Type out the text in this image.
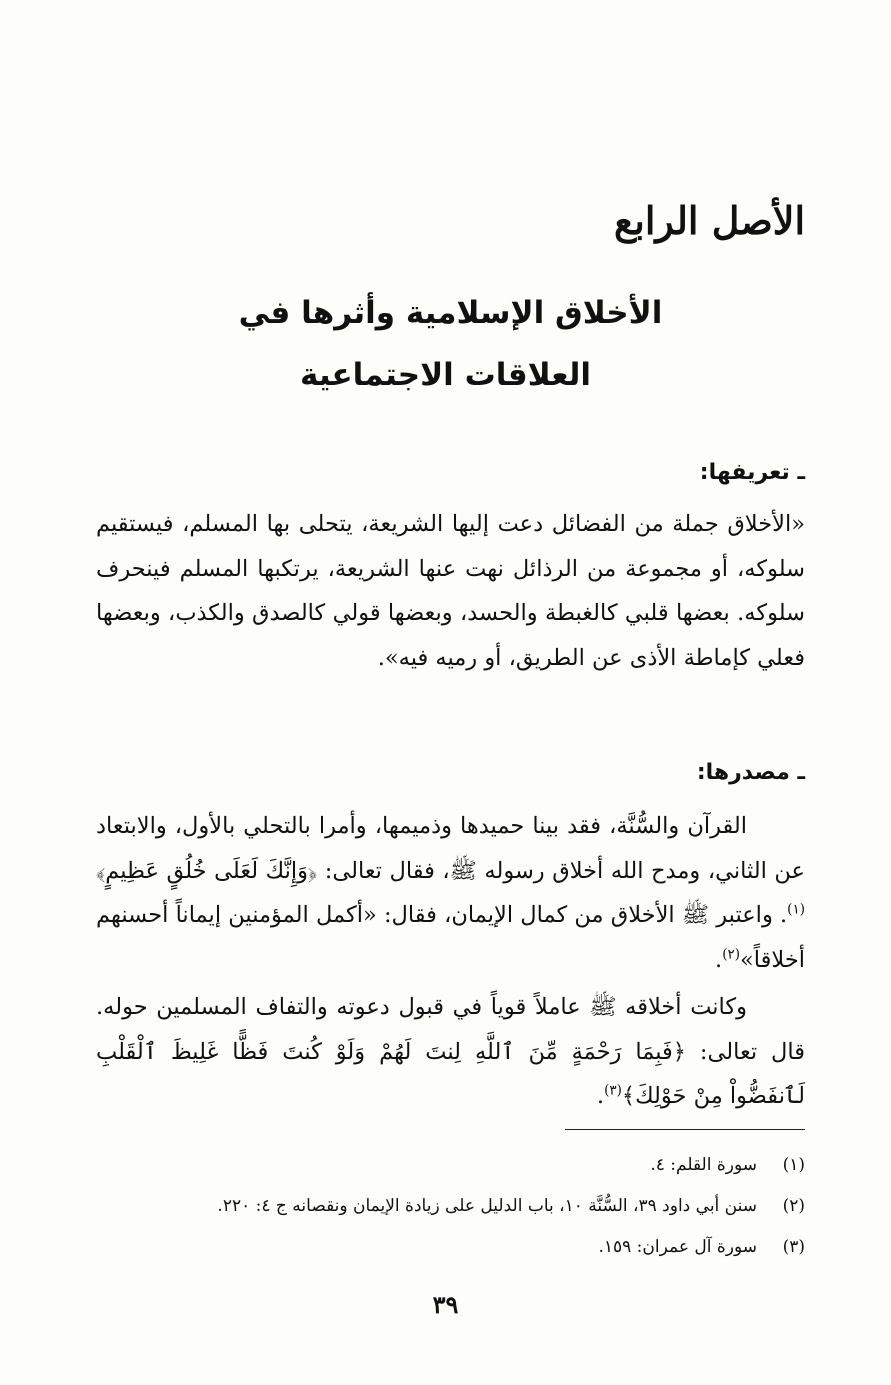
الأصل الرابع
الأخلاق الإسلامية وأثرها في
العلاقات الاجتماعية
ـ تعريفها:

«الأخلاق جملة من الفضائل دعت إليها الشريعة، يتحلى بها المسلم، فيستقيم سلوكه، أو مجموعة من الرذائل نهت عنها الشريعة، يرتكبها المسلم فينحرف سلوكه. بعضها قلبي كالغبطة والحسد، وبعضها قولي كالصدق والكذب، وبعضها فعلي كإماطة الأذى عن الطريق، أو رميه فيه».

ـ مصدرها:

القرآن والسُّنَّة، فقد بينا حميدها وذميمها، وأمرا بالتحلي بالأول، والابتعاد عن الثاني، ومدح الله أخلاق رسوله ﷺ، فقال تعالى: ﴿وَإِنَّكَ لَعَلَى خُلُقٍ عَظِيمٍ﴾$^{(١)}$. واعتبر ﷺ الأخلاق من كمال الإيمان، فقال: «أكمل المؤمنين إيماناً أحسنهم أخلاقاً»$^{(٢)}$.

وكانت أخلاقه ﷺ عاملاً قوياً في قبول دعوته والتفاف المسلمين حوله. قال تعالى: ﴿فَبِمَا رَحْمَةٍ مِّنَ ٱللَّهِ لِنتَ لَهُمْ وَلَوْ كُنتَ فَظًّا غَلِيظَ ٱلْقَلْبِ لَٱنفَضُّواْ مِنْ حَوْلِكَ﴾$^{(٣)}$.

(١)
سورة القلم: ٤.
(٢)
سنن أبي داود ٣٩، السُّنَّة ١٠، باب الدليل على زيادة الإيمان ونقصانه ج ٤: ٢٢٠.
(٣)
سورة آل عمران: ١٥٩.
٣٩
